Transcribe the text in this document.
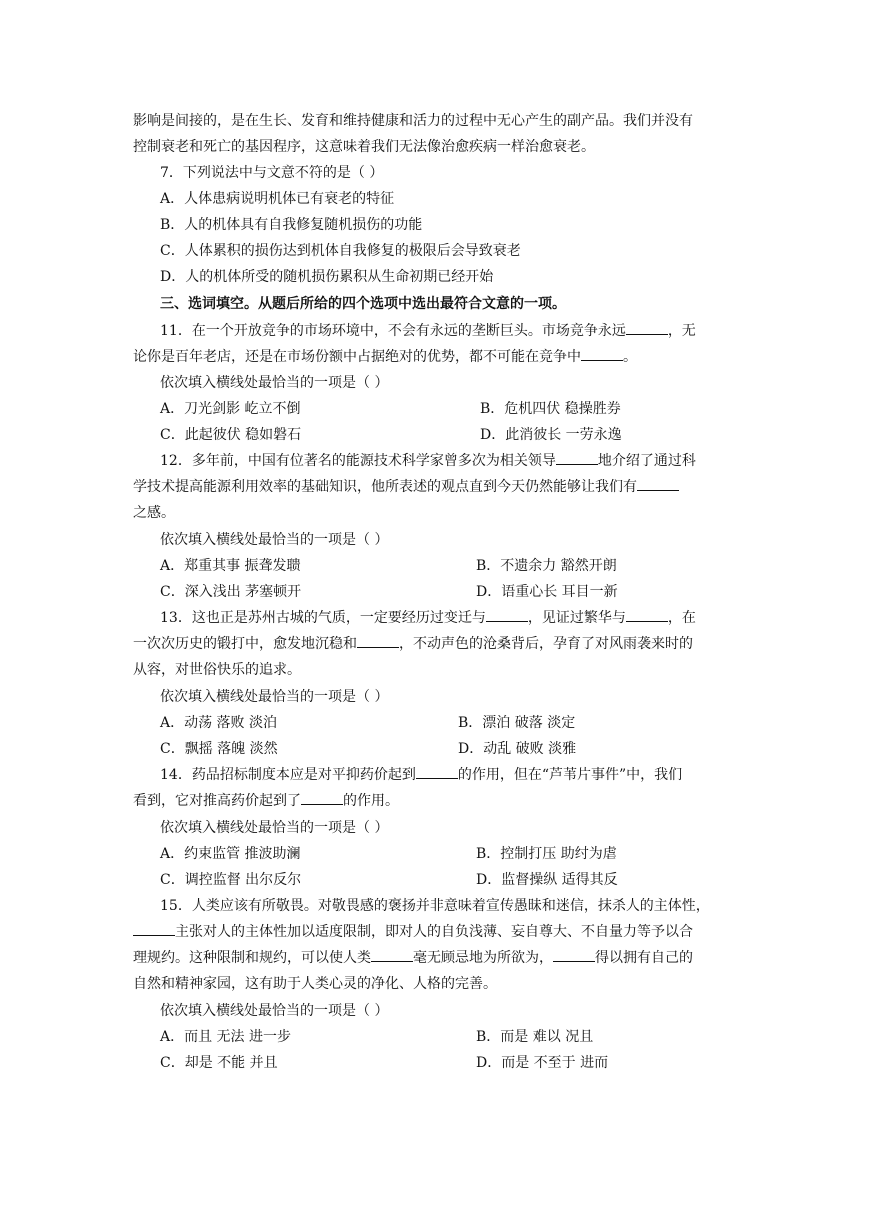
影响是间接的，是在生长、发育和维持健康和活力的过程中无心产生的副产品。我们并没有
控制衰老和死亡的基因程序，这意味着我们无法像治愈疾病一样治愈衰老。
7．下列说法中与文意不符的是（ ）
A．人体患病说明机体已有衰老的特征
B．人的机体具有自我修复随机损伤的功能
C．人体累积的损伤达到机体自我修复的极限后会导致衰老
D．人的机体所受的随机损伤累积从生命初期已经开始
三、选词填空。从题后所给的四个选项中选出最符合文意的一项。
11．在一个开放竞争的市场环境中，不会有永远的垄断巨头。市场竞争永远	，无
论你是百年老店，还是在市场份额中占据绝对的优势，都不可能在竞争中	。
依次填入横线处最恰当的一项是（ ）
A．刀光剑影 屹立不倒	B．危机四伏 稳操胜券
C．此起彼伏 稳如磐石	D．此消彼长 一劳永逸
12．多年前，中国有位著名的能源技术科学家曾多次为相关领导	地介绍了通过科
学技术提高能源利用效率的基础知识，他所表述的观点直到今天仍然能够让我们有
之感。
依次填入横线处最恰当的一项是（ ）
A．郑重其事 振聋发聩	B．不遗余力 豁然开朗
C．深入浅出 茅塞顿开	D．语重心长 耳目一新
13．这也正是苏州古城的气质，一定要经历过变迁与	，见证过繁华与	，在
一次次历史的锻打中，愈发地沉稳和	，不动声色的沧桑背后，孕育了对风雨袭来时的
从容，对世俗快乐的追求。
依次填入横线处最恰当的一项是（ ）
A．动荡 落败 淡泊	B．漂泊 破落 淡定
C．飘摇 落魄 淡然	D．动乱 破败 淡雅
14．药品招标制度本应是对平抑药价起到	的作用，但在“芦苇片事件”中，我们
看到，它对推高药价起到了	的作用。
依次填入横线处最恰当的一项是（ ）
A．约束监管 推波助澜	B．控制打压 助纣为虐
C．调控监督 出尔反尔	D．监督操纵 适得其反
15．人类应该有所敬畏。对敬畏感的褒扬并非意味着宣传愚昧和迷信，抹杀人的主体性，
主张对人的主体性加以适度限制，即对人的自负浅薄、妄自尊大、不自量力等予以合
理规约。这种限制和规约，可以使人类	毫无顾忌地为所欲为，	得以拥有自己的
自然和精神家园，这有助于人类心灵的净化、人格的完善。
依次填入横线处最恰当的一项是（ ）
A．而且 无法 进一步	B．而是 难以 况且
C．却是 不能 并且	D．而是 不至于 进而
